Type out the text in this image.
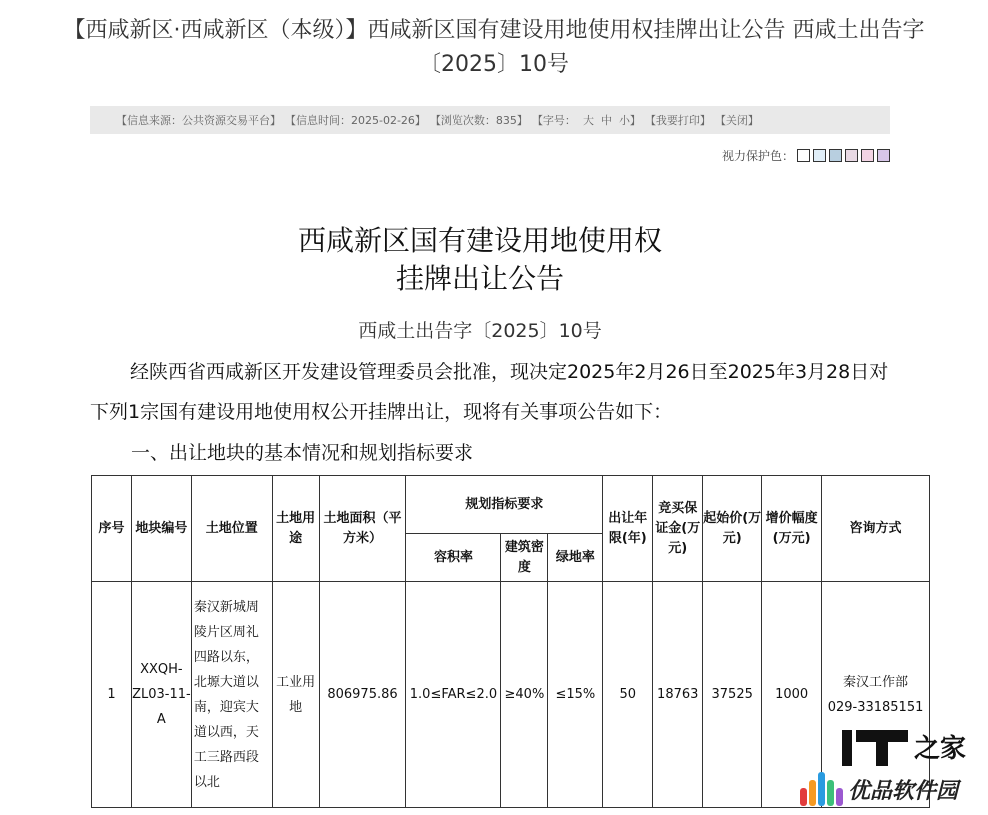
【西咸新区·西咸新区（本级）】西咸新区国有建设用地使用权挂牌出让公告 西咸土出告字
〔2025〕10号
【信息来源：公共资源交易平台】 【信息时间：2025-02-26】 【浏览次数：835】 【字号： 大 中 小】 【我要打印】 【关闭】
视力保护色：
西咸新区国有建设用地使用权
挂牌出让公告
西咸土出告字〔2025〕10号
经陕西省西咸新区开发建设管理委员会批准，现决定2025年2月26日至2025年3月28日对下列1宗国有建设用地使用权公开挂牌出让，现将有关事项公告如下：
一、出让地块的基本情况和规划指标要求
序号	地块编号	土地位置	土地用途	土地面积（平方米）	规划指标要求			出让年限(年)	竞买保证金(万元)	起始价(万元)	增价幅度(万元)	咨询方式
					容积率	建筑密度	绿地率					
1	XXQH-ZL03-11-A	秦汉新城周陵片区周礼四路以东，北塬大道以南，迎宾大道以西，天工三路西段以北	工业用地	806975.86	1.0≤FAR≤2.0	≥40%	≤15%	50	18763	37525	1000	秦汉工作部
029-33185151
之家
优品软件园
